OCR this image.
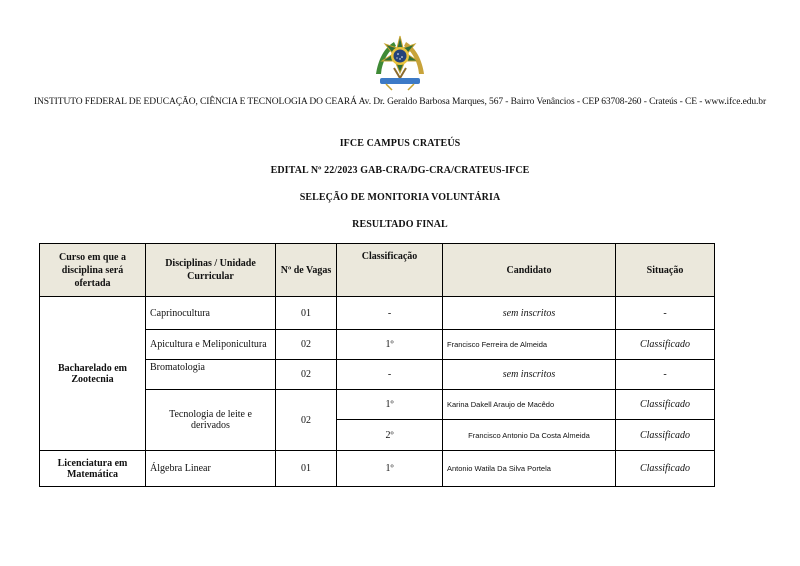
INSTITUTO FEDERAL DE EDUCAÇÃO, CIÊNCIA E TECNOLOGIA DO CEARÁ Av. Dr. Geraldo Barbosa Marques, 567 - Bairro Venâncios - CEP 63708-260 - Crateús - CE - www.ifce.edu.br
IFCE CAMPUS CRATEÚS
EDITAL Nº 22/2023 GAB-CRA/DG-CRA/CRATEUS-IFCE
SELEÇÃO DE MONITORIA VOLUNTÁRIA
RESULTADO FINAL
Curso em que a disciplina será ofertada	Disciplinas / Unidade Curricular	Nº de Vagas	Classificação	Candidato	Situação
Bacharelado em Zootecnia	Caprinocultura	01	-	sem inscritos	-
	Apicultura e Meliponicultura	02	1º	Francisco Ferreira de Almeida	Classificado
	Bromatologia	02	-	sem inscritos	-
	Tecnologia de leite e derivados	02	1º	Karina Dakell Araujo de Macêdo	Classificado
			2º	Francisco Antonio Da Costa Almeida	Classificado
Licenciatura em Matemática	Álgebra Linear	01	1º	Antonio Watila Da Silva Portela	Classificado
